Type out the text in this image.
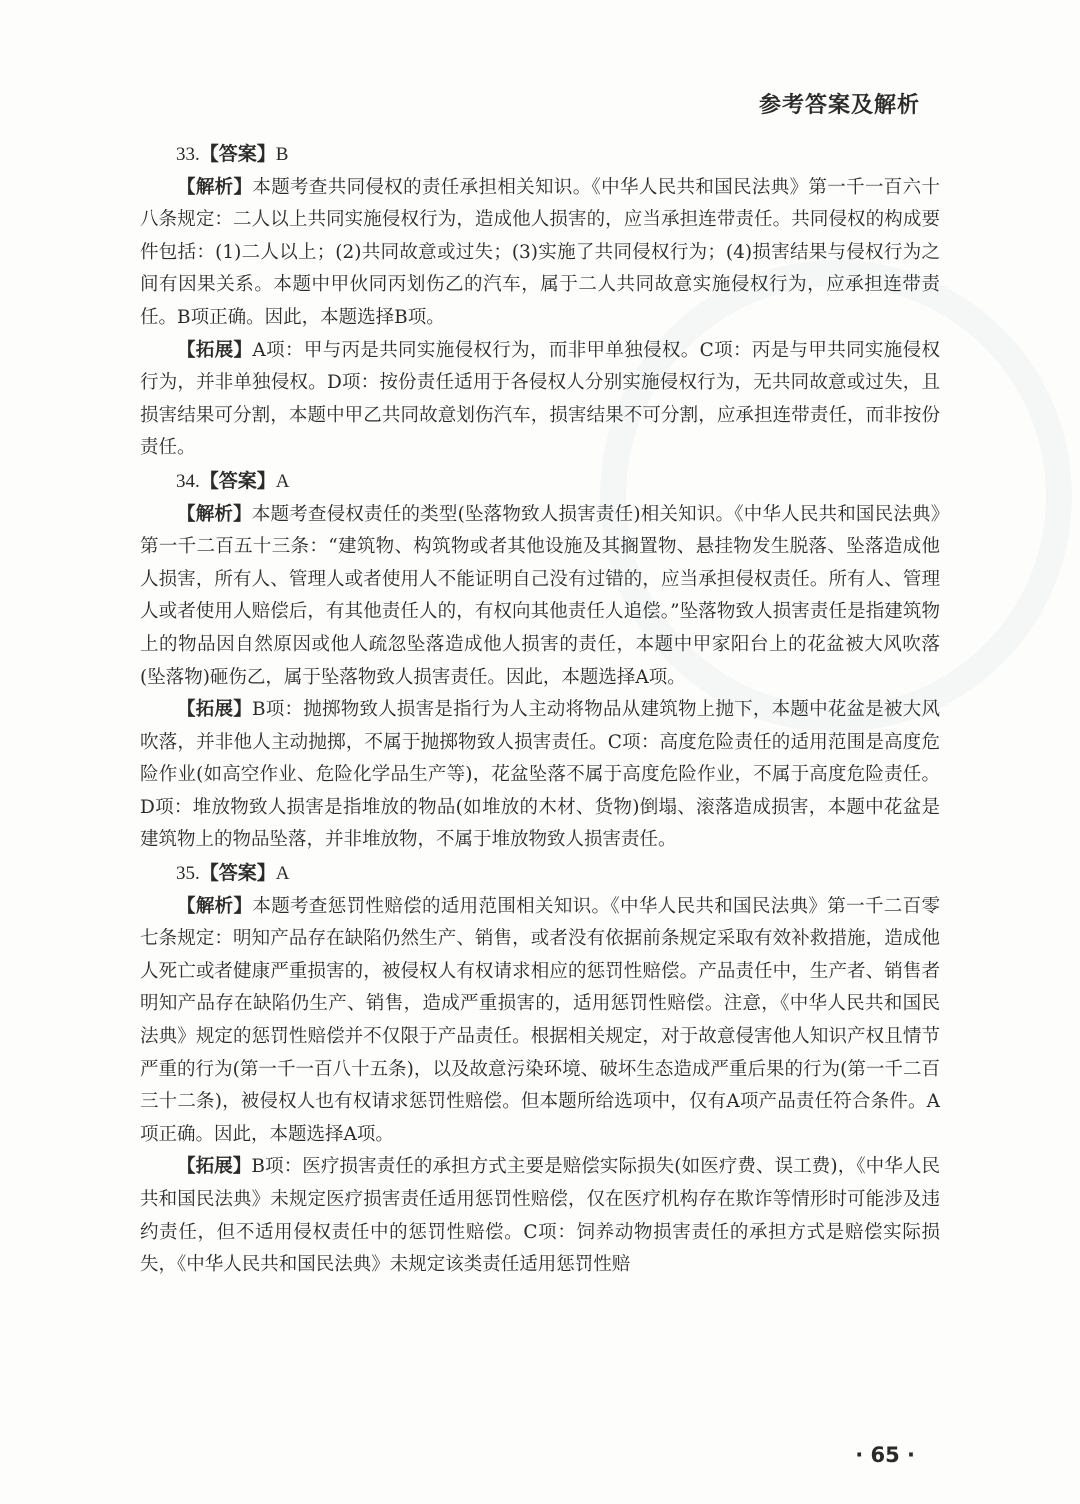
参考答案及解析

33.【答案】B

【解析】本题考查共同侵权的责任承担相关知识。《中华人民共和国民法典》第一千一百六十八条规定：二人以上共同实施侵权行为，造成他人损害的，应当承担连带责任。共同侵权的构成要件包括：(1)二人以上；(2)共同故意或过失；(3)实施了共同侵权行为；(4)损害结果与侵权行为之间有因果关系。本题中甲伙同丙划伤乙的汽车，属于二人共同故意实施侵权行为，应承担连带责任。B项正确。因此，本题选择B项。

【拓展】A项：甲与丙是共同实施侵权行为，而非甲单独侵权。C项：丙是与甲共同实施侵权行为，并非单独侵权。D项：按份责任适用于各侵权人分别实施侵权行为，无共同故意或过失，且损害结果可分割，本题中甲乙共同故意划伤汽车，损害结果不可分割，应承担连带责任，而非按份责任。

34.【答案】A

【解析】本题考查侵权责任的类型(坠落物致人损害责任)相关知识。《中华人民共和国民法典》第一千二百五十三条：“建筑物、构筑物或者其他设施及其搁置物、悬挂物发生脱落、坠落造成他人损害，所有人、管理人或者使用人不能证明自己没有过错的，应当承担侵权责任。所有人、管理人或者使用人赔偿后，有其他责任人的，有权向其他责任人追偿。”坠落物致人损害责任是指建筑物上的物品因自然原因或他人疏忽坠落造成他人损害的责任，本题中甲家阳台上的花盆被大风吹落(坠落物)砸伤乙，属于坠落物致人损害责任。因此，本题选择A项。

【拓展】B项：抛掷物致人损害是指行为人主动将物品从建筑物上抛下，本题中花盆是被大风吹落，并非他人主动抛掷，不属于抛掷物致人损害责任。C项：高度危险责任的适用范围是高度危险作业(如高空作业、危险化学品生产等)，花盆坠落不属于高度危险作业，不属于高度危险责任。D项：堆放物致人损害是指堆放的物品(如堆放的木材、货物)倒塌、滚落造成损害，本题中花盆是建筑物上的物品坠落，并非堆放物，不属于堆放物致人损害责任。

35.【答案】A

【解析】本题考查惩罚性赔偿的适用范围相关知识。《中华人民共和国民法典》第一千二百零七条规定：明知产品存在缺陷仍然生产、销售，或者没有依据前条规定采取有效补救措施，造成他人死亡或者健康严重损害的，被侵权人有权请求相应的惩罚性赔偿。产品责任中，生产者、销售者明知产品存在缺陷仍生产、销售，造成严重损害的，适用惩罚性赔偿。注意，《中华人民共和国民法典》规定的惩罚性赔偿并不仅限于产品责任。根据相关规定，对于故意侵害他人知识产权且情节严重的行为(第一千一百八十五条)，以及故意污染环境、破坏生态造成严重后果的行为(第一千二百三十二条)，被侵权人也有权请求惩罚性赔偿。但本题所给选项中，仅有A项产品责任符合条件。A项正确。因此，本题选择A项。

【拓展】B项：医疗损害责任的承担方式主要是赔偿实际损失(如医疗费、误工费)，《中华人民共和国民法典》未规定医疗损害责任适用惩罚性赔偿，仅在医疗机构存在欺诈等情形时可能涉及违约责任，但不适用侵权责任中的惩罚性赔偿。C项：饲养动物损害责任的承担方式是赔偿实际损失，《中华人民共和国民法典》未规定该类责任适用惩罚性赔

· 65 ·
